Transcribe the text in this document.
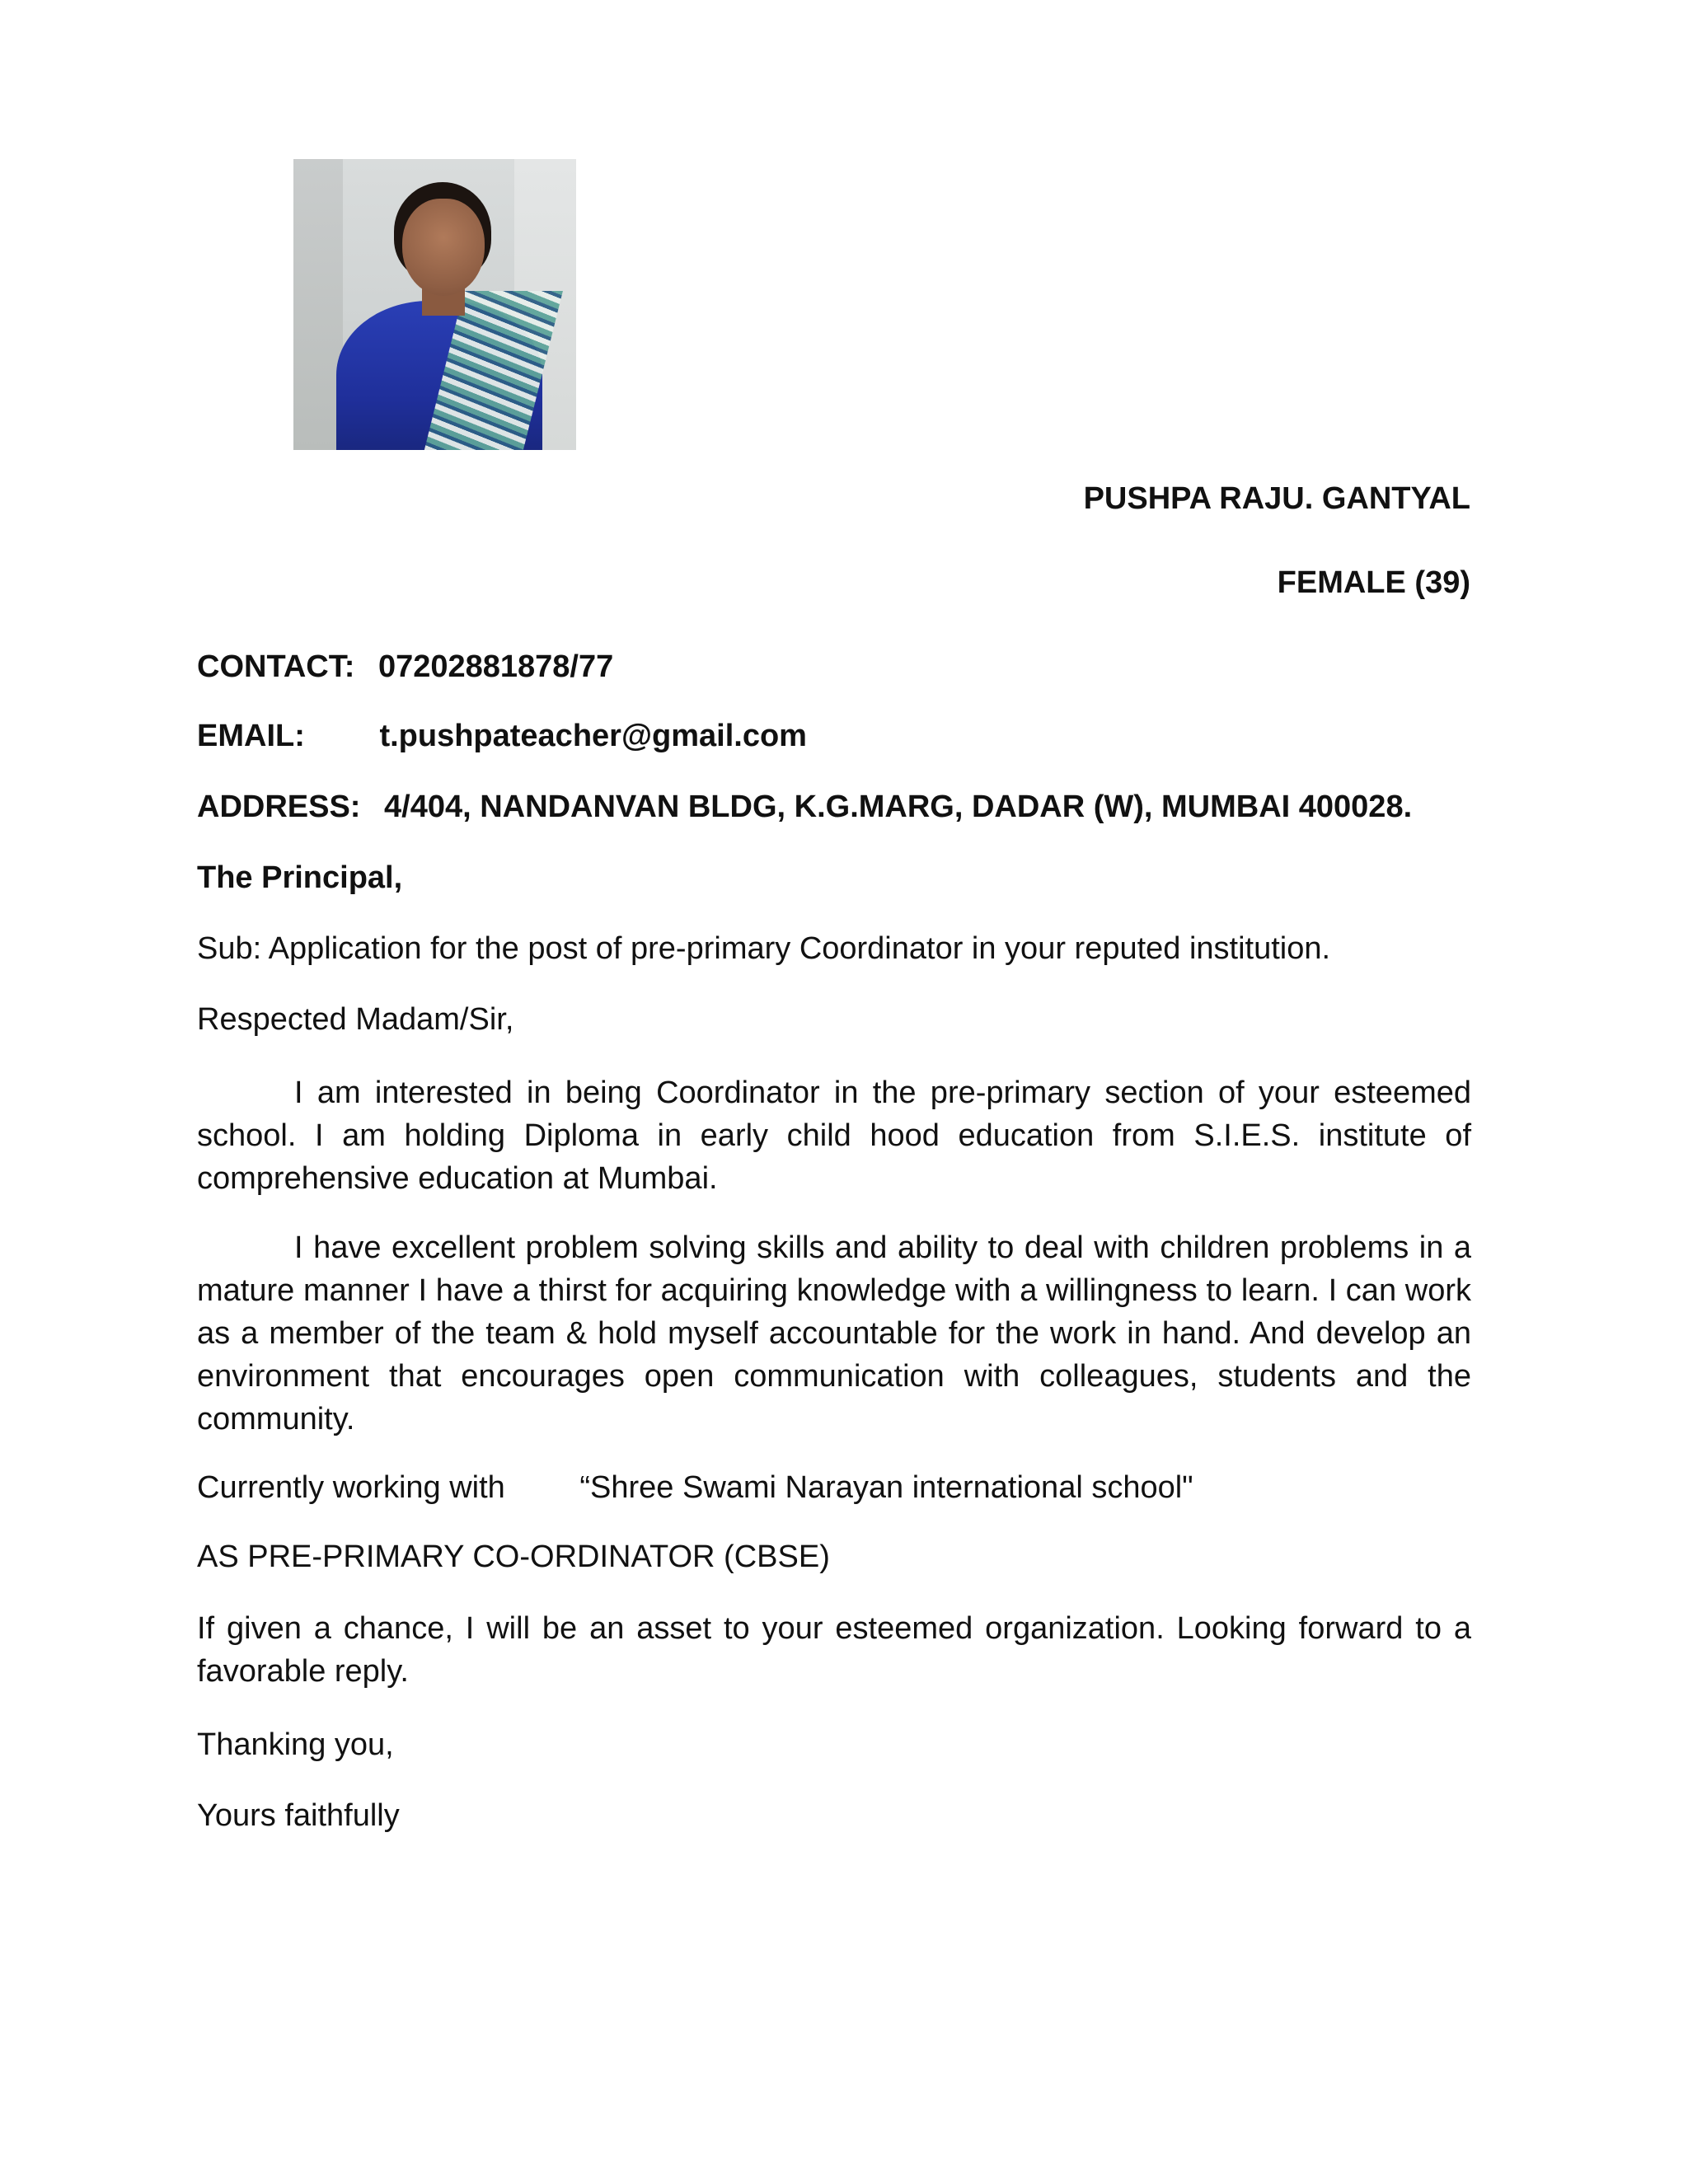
PUSHPA RAJU. GANTYAL
FEMALE (39)
CONTACT: 07202881878/77
EMAIL: t.pushpateacher@gmail.com
ADDRESS: 4/404, NANDANVAN BLDG, K.G.MARG, DADAR (W), MUMBAI 400028.
The Principal,
Sub: Application for the post of pre-primary Coordinator in your reputed institution.
Respected Madam/Sir,
I am interested in being Coordinator in the pre-primary section of your esteemed school. I am holding Diploma in early child hood education from S.I.E.S. institute of comprehensive education at Mumbai.
I have excellent problem solving skills and ability to deal with children problems in a mature manner I have a thirst for acquiring knowledge with a willingness to learn. I can work as a member of the team & hold myself accountable for the work in hand. And develop an environment that encourages open communication with colleagues, students and the community.
Currently working with “Shree Swami Narayan international school"
AS PRE-PRIMARY CO-ORDINATOR (CBSE)
If given a chance, I will be an asset to your esteemed organization. Looking forward to a favorable reply.
Thanking you,
Yours faithfully
